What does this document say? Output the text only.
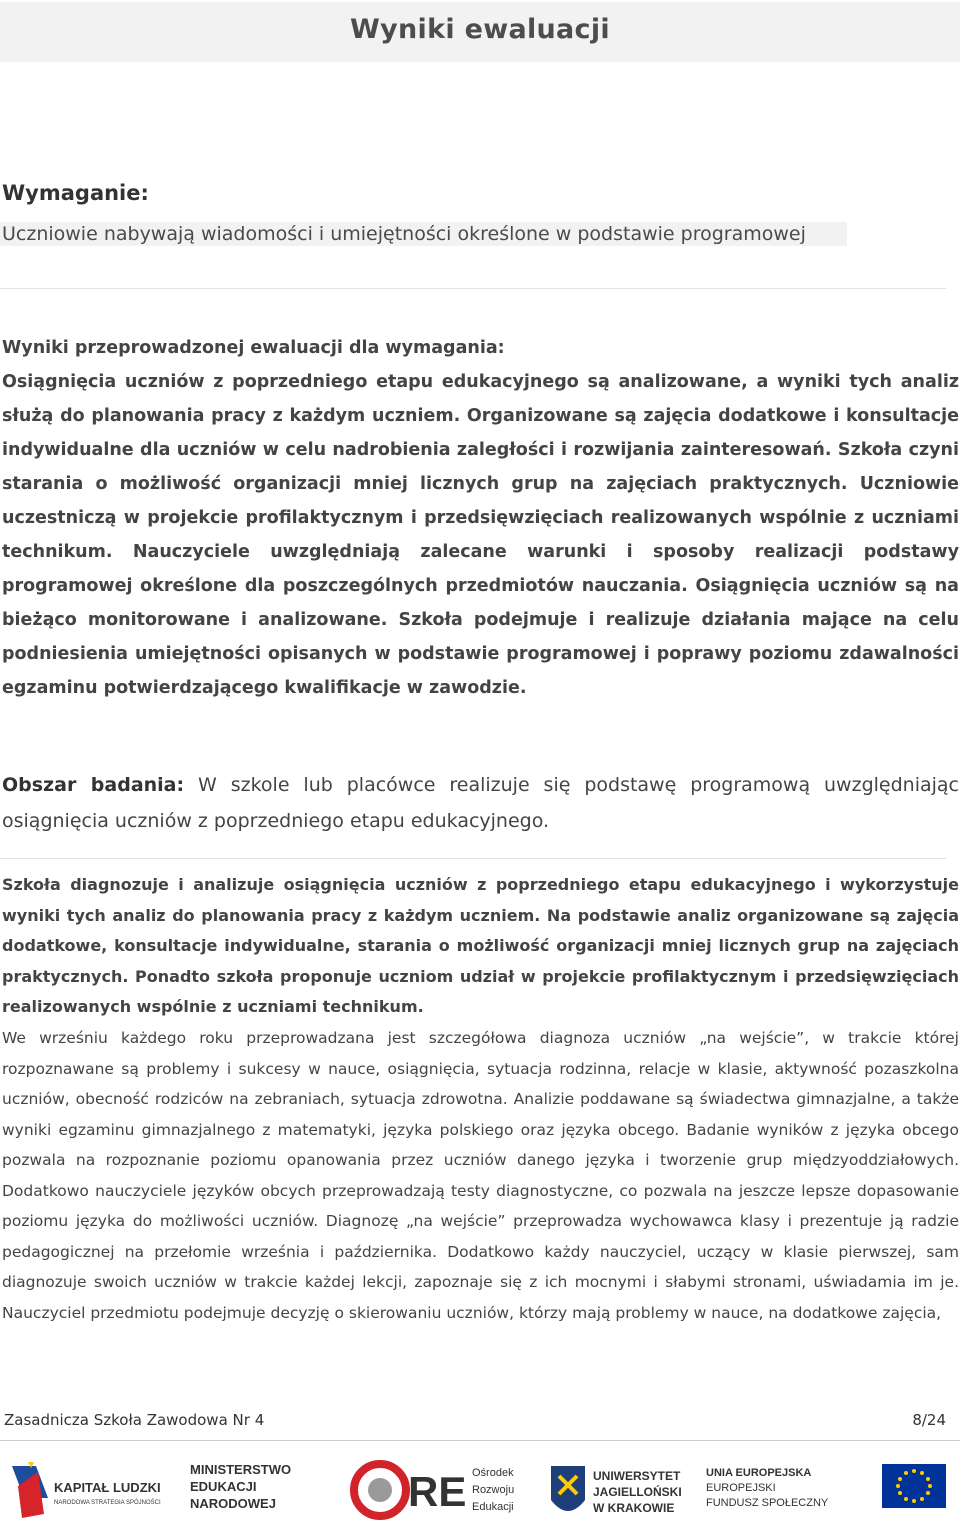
Wyniki ewaluacji
Wymaganie:
Uczniowie nabywają wiadomości i umiejętności określone w podstawie programowej
Wyniki przeprowadzonej ewaluacji dla wymagania:
Osiągnięcia uczniów z poprzedniego etapu edukacyjnego są analizowane, a wyniki tych analiz służą do planowania pracy z każdym uczniem. Organizowane są zajęcia dodatkowe i konsultacje indywidualne dla uczniów w celu nadrobienia zaległości i rozwijania zainteresowań. Szkoła czyni starania o możliwość organizacji mniej licznych grup na zajęciach praktycznych. Uczniowie uczestniczą w projekcie profilaktycznym i przedsięwzięciach realizowanych wspólnie z uczniami technikum. Nauczyciele uwzględniają zalecane warunki i sposoby realizacji podstawy programowej określone dla poszczególnych przedmiotów nauczania. Osiągnięcia uczniów są na bieżąco monitorowane i analizowane. Szkoła podejmuje i realizuje działania mające na celu podniesienia umiejętności opisanych w podstawie programowej i poprawy poziomu zdawalności egzaminu potwierdzającego kwalifikacje w zawodzie.
Obszar badania: W szkole lub placówce realizuje się podstawę programową uwzględniając osiągnięcia uczniów z poprzedniego etapu edukacyjnego.
Szkoła diagnozuje i analizuje osiągnięcia uczniów z poprzedniego etapu edukacyjnego i wykorzystuje wyniki tych analiz do planowania pracy z każdym uczniem. Na podstawie analiz organizowane są zajęcia dodatkowe, konsultacje indywidualne, starania o możliwość organizacji mniej licznych grup na zajęciach praktycznych. Ponadto szkoła proponuje uczniom udział w projekcie profilaktycznym i przedsięwzięciach realizowanych wspólnie z uczniami technikum.
We wrześniu każdego roku przeprowadzana jest szczegółowa diagnoza uczniów „na wejście”, w trakcie której rozpoznawane są problemy i sukcesy w nauce, osiągnięcia, sytuacja rodzinna, relacje w klasie, aktywność pozaszkolna uczniów, obecność rodziców na zebraniach, sytuacja zdrowotna. Analizie poddawane są świadectwa gimnazjalne, a także wyniki egzaminu gimnazjalnego z matematyki, języka polskiego oraz języka obcego. Badanie wyników z języka obcego pozwala na rozpoznanie poziomu opanowania przez uczniów danego języka i tworzenie grup międzyoddziałowych. Dodatkowo nauczyciele języków obcych przeprowadzają testy diagnostyczne, co pozwala na jeszcze lepsze dopasowanie poziomu języka do możliwości uczniów. Diagnozę „na wejście” przeprowadza wychowawca klasy i prezentuje ją radzie pedagogicznej na przełomie września i października. Dodatkowo każdy nauczyciel, uczący w klasie pierwszej, sam diagnozuje swoich uczniów w trakcie każdej lekcji, zapoznaje się z ich mocnymi i słabymi stronami, uświadamia im je. Nauczyciel przedmiotu podejmuje decyzję o skierowaniu uczniów, którzy mają problemy w nauce, na dodatkowe zajęcia,
Zasadnicza Szkoła Zawodowa Nr 4	8/24
KAPITAŁ LUDZKI
NARODOWA STRATEGIA SPÓJNOŚCI
MINISTERSTWO
EDUKACJI
NARODOWEJ	RE Ośrodek
Rozwoju
Edukacji
UNIWERSYTET
JAGIELLOŃSKI
W KRAKOWIE
UNIA EUROPEJSKA
EUROPEJSKI
FUNDUSZ SPOŁECZNY
